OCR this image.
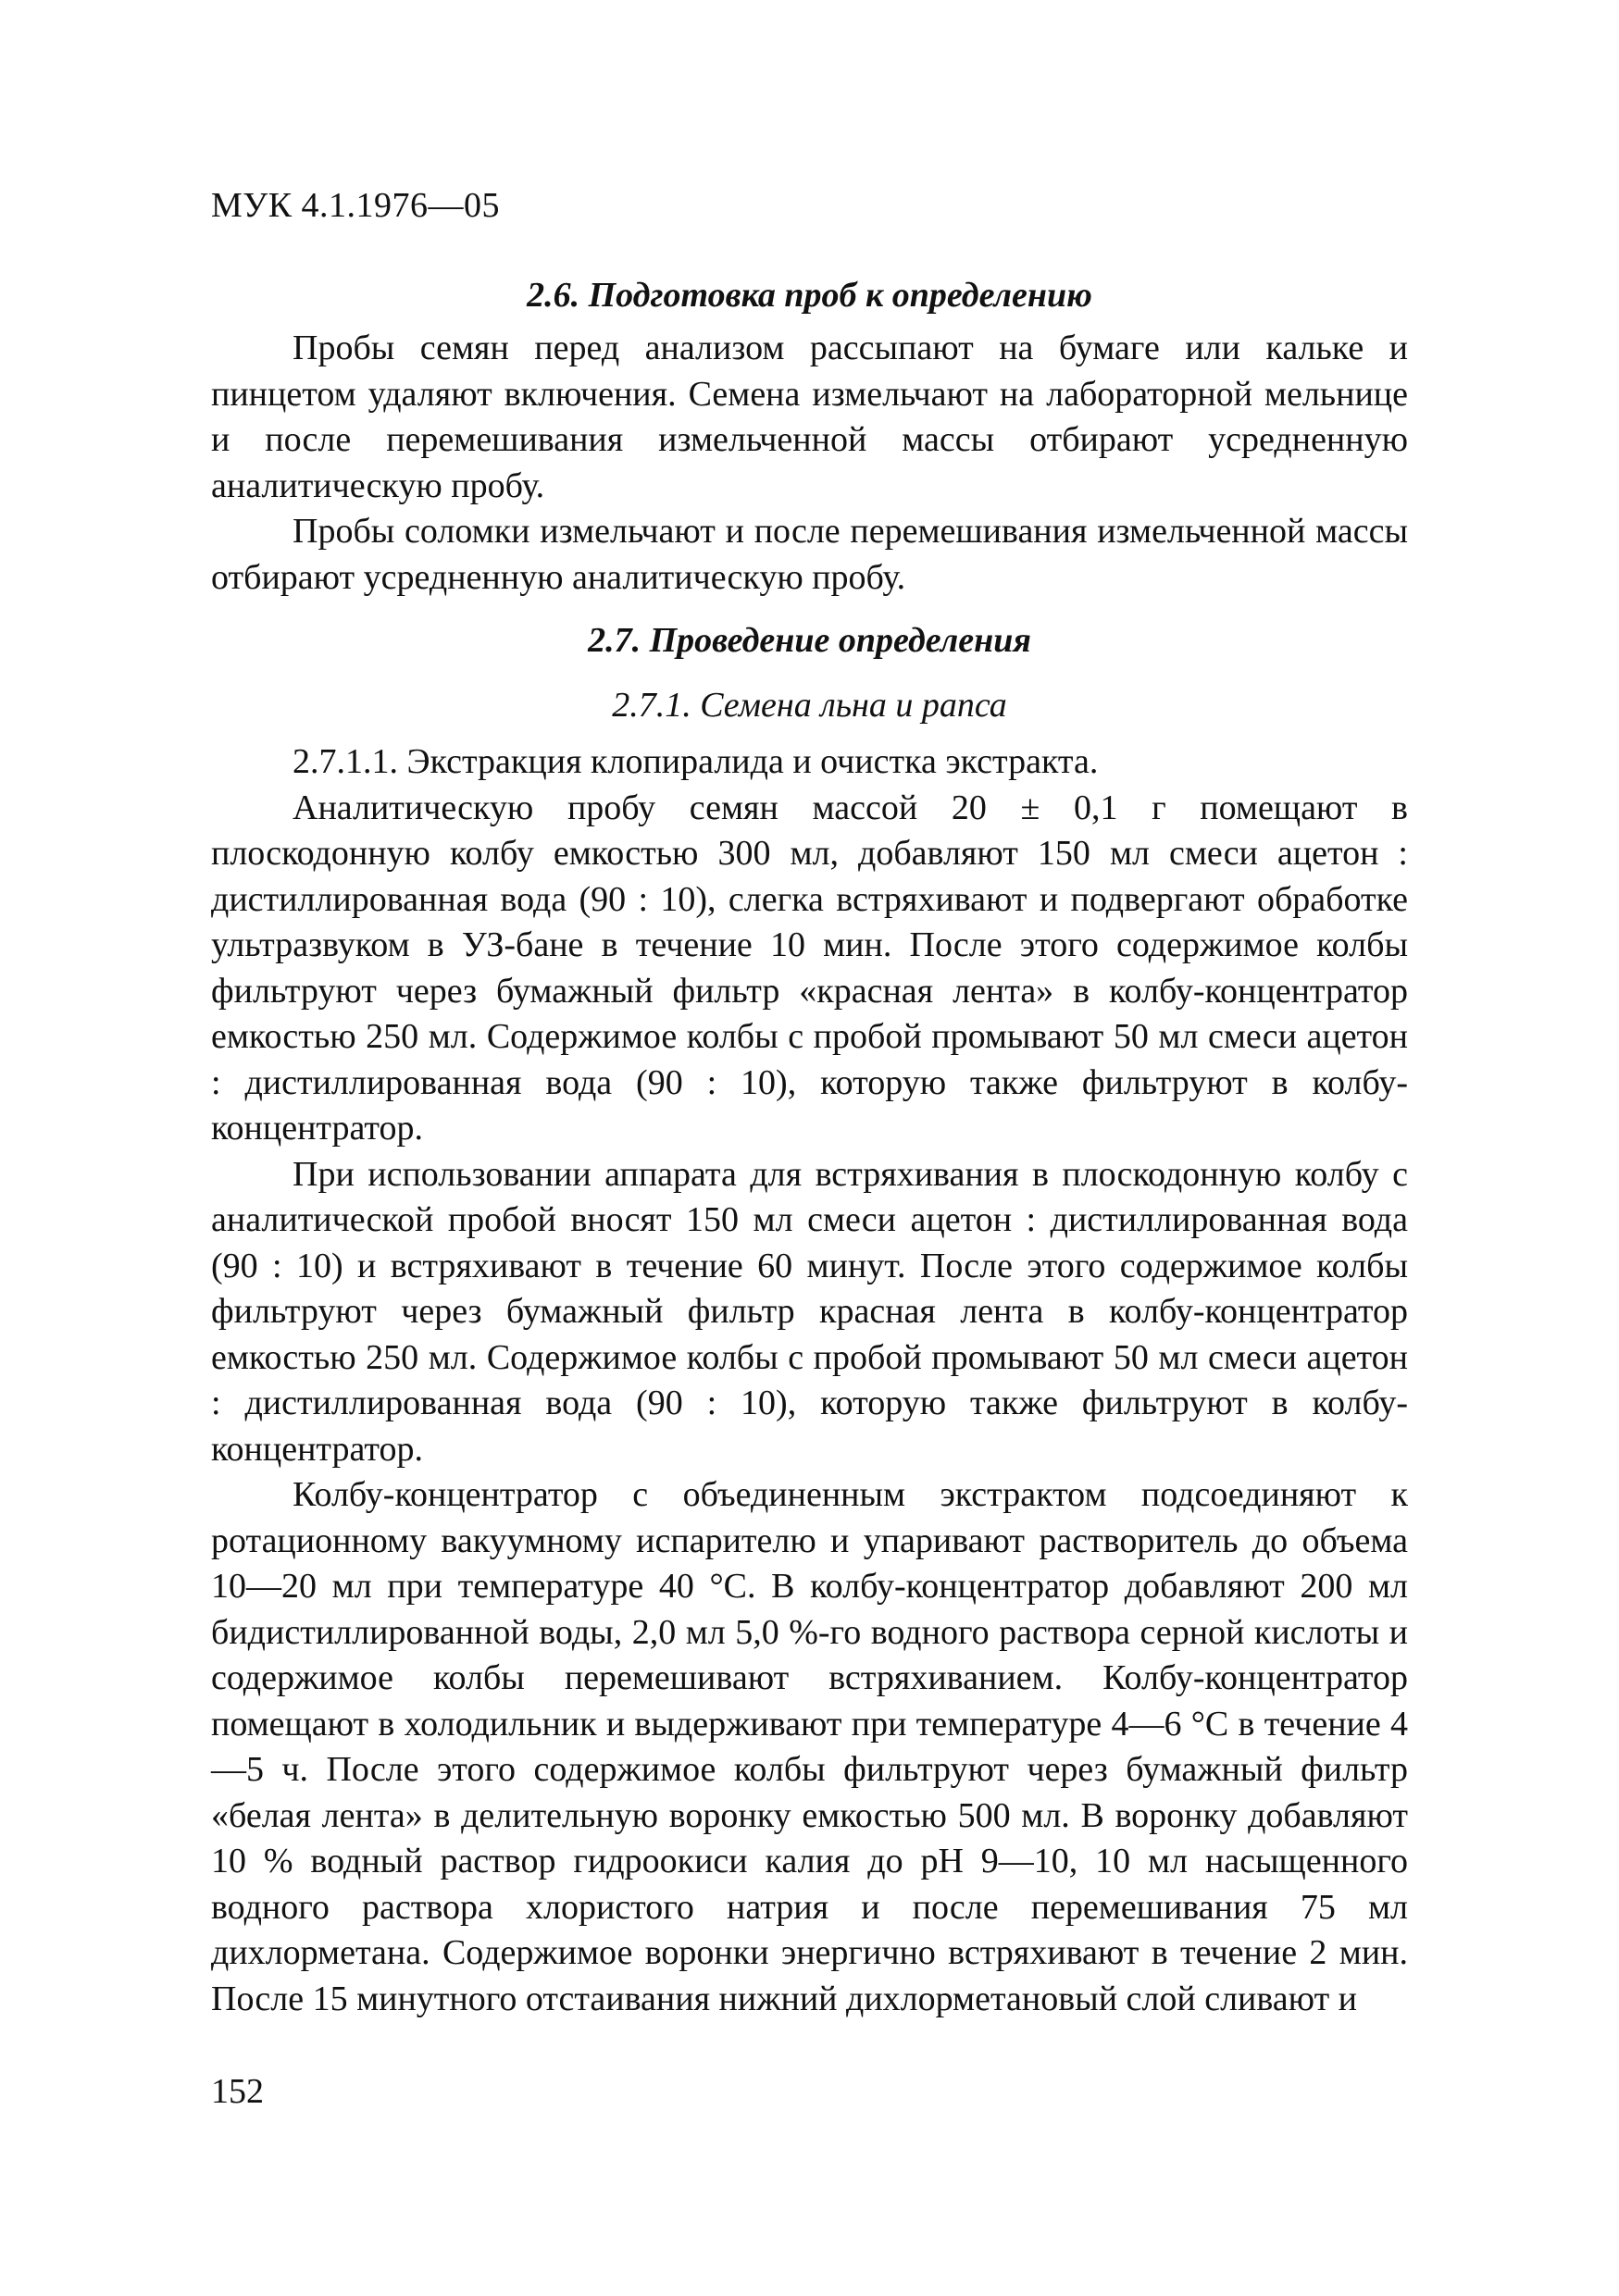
МУК 4.1.1976—05
2.6. Подготовка проб к определению

Пробы семян перед анализом рассыпают на бумаге или кальке и пинцетом удаляют включения. Семена измельчают на лабораторной мельнице и после перемешивания измельченной массы отбирают усредненную аналитическую пробу.

Пробы соломки измельчают и после перемешивания измельченной массы отбирают усредненную аналитическую пробу.

2.7. Проведение определения
2.7.1. Семена льна и рапса

2.7.1.1. Экстракция клопиралида и очистка экстракта.

Аналитическую пробу семян массой 20 ± 0,1 г помещают в плоскодонную колбу емкостью 300 мл, добавляют 150 мл смеси ацетон : дистиллированная вода (90 : 10), слегка встряхивают и подвергают обработке ультразвуком в УЗ-бане в течение 10 мин. После этого содержимое колбы фильтруют через бумажный фильтр «красная лента» в колбу-концентратор емкостью 250 мл. Содержимое колбы с пробой промывают 50 мл смеси ацетон : дистиллированная вода (90 : 10), которую также фильтруют в колбу-концентратор.

При использовании аппарата для встряхивания в плоскодонную колбу с аналитической пробой вносят 150 мл смеси ацетон : дистиллированная вода (90 : 10) и встряхивают в течение 60 минут. После этого содержимое колбы фильтруют через бумажный фильтр красная лента в колбу-концентратор емкостью 250 мл. Содержимое колбы с пробой промывают 50 мл смеси ацетон : дистиллированная вода (90 : 10), которую также фильтруют в колбу-концентратор.

Колбу-концентратор с объединенным экстрактом подсоединяют к ротационному вакуумному испарителю и упаривают растворитель до объема 10—20 мл при температуре 40 °С. В колбу-концентратор добавляют 200 мл бидистиллированной воды, 2,0 мл 5,0 %-го водного раствора серной кислоты и содержимое колбы перемешивают встряхиванием. Колбу-концентратор помещают в холодильник и выдерживают при температуре 4—6 °С в течение 4—5 ч. После этого содержимое колбы фильтруют через бумажный фильтр «белая лента» в делительную воронку емкостью 500 мл. В воронку добавляют 10 % водный раствор гидроокиси калия до рН 9—10, 10 мл насыщенного водного раствора хлористого натрия и после перемешивания 75 мл дихлорметана. Содержимое воронки энергично встряхивают в течение 2 мин. После 15 минутного отстаивания нижний дихлорметановый слой сливают и

152
